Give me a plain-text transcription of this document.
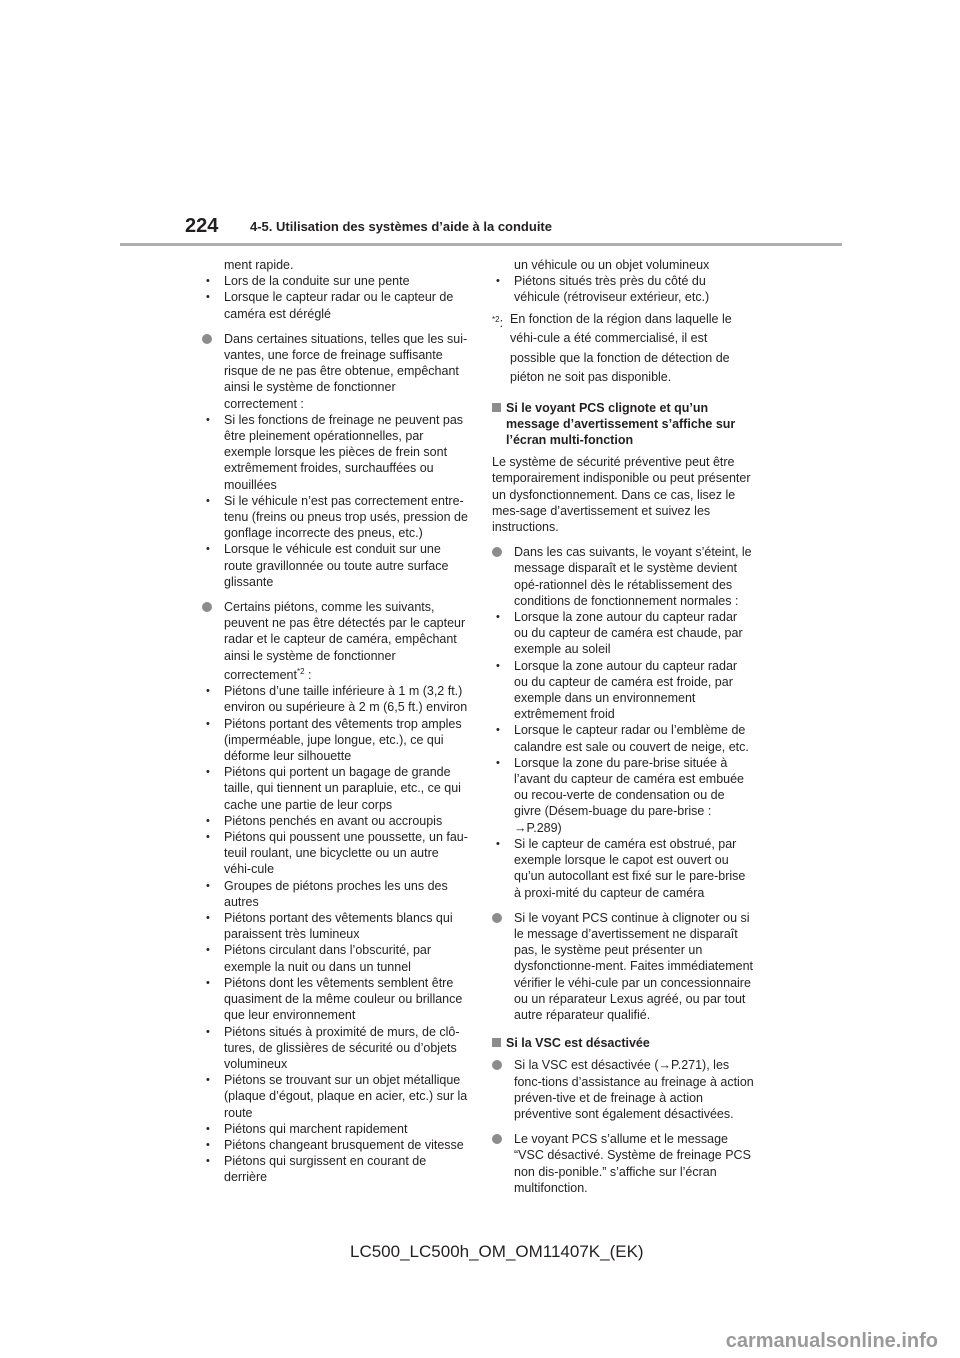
224 4-5. Utilisation des systèmes d’aide à la conduite

ment rapide.

• Lors de la conduite sur une pente

• Lorsque le capteur radar ou le capteur de caméra est déréglé

Dans certaines situations, telles que les sui-vantes, une force de freinage suffisante risque de ne pas être obtenue, empêchant ainsi le système de fonctionner correctement :

• Si les fonctions de freinage ne peuvent pas être pleinement opérationnelles, par exemple lorsque les pièces de frein sont extrêmement froides, surchauffées ou mouillées

• Si le véhicule n’est pas correctement entre-tenu (freins ou pneus trop usés, pression de gonflage incorrecte des pneus, etc.)

• Lorsque le véhicule est conduit sur une route gravillonnée ou toute autre surface glissante

Certains piétons, comme les suivants, peuvent ne pas être détectés par le capteur radar et le capteur de caméra, empêchant ainsi le système de fonctionner correctement$^{*2}$ :

• Piétons d’une taille inférieure à 1 m (3,2 ft.) environ ou supérieure à 2 m (6,5 ft.) environ

• Piétons portant des vêtements trop amples (imperméable, jupe longue, etc.), ce qui déforme leur silhouette

• Piétons qui portent un bagage de grande taille, qui tiennent un parapluie, etc., ce qui cache une partie de leur corps

• Piétons penchés en avant ou accroupis

• Piétons qui poussent une poussette, un fau-teuil roulant, une bicyclette ou un autre véhi-cule

• Groupes de piétons proches les uns des autres

• Piétons portant des vêtements blancs qui paraissent très lumineux

• Piétons circulant dans l’obscurité, par exemple la nuit ou dans un tunnel

• Piétons dont les vêtements semblent être quasiment de la même couleur ou brillance que leur environnement

• Piétons situés à proximité de murs, de clô-tures, de glissières de sécurité ou d’objets volumineux

• Piétons se trouvant sur un objet métallique (plaque d’égout, plaque en acier, etc.) sur la route

• Piétons qui marchent rapidement

• Piétons changeant brusquement de vitesse

• Piétons qui surgissent en courant de derrière

un véhicule ou un objet volumineux

• Piétons situés très près du côté du véhicule (rétroviseur extérieur, etc.)

$^{*2}$: En fonction de la région dans laquelle le véhi-cule a été commercialisé, il est possible que la fonction de détection de piéton ne soit pas disponible.

Si le voyant PCS clignote et qu’un message d’avertissement s’affiche sur l’écran multi-fonction

Le système de sécurité préventive peut être temporairement indisponible ou peut présenter un dysfonctionnement. Dans ce cas, lisez le mes-sage d’avertissement et suivez les instructions.

Dans les cas suivants, le voyant s’éteint, le message disparaît et le système devient opé-rationnel dès le rétablissement des conditions de fonctionnement normales :

• Lorsque la zone autour du capteur radar ou du capteur de caméra est chaude, par exemple au soleil

• Lorsque la zone autour du capteur radar ou du capteur de caméra est froide, par exemple dans un environnement extrêmement froid

• Lorsque le capteur radar ou l’emblème de calandre est sale ou couvert de neige, etc.

• Lorsque la zone du pare-brise située à l’avant du capteur de caméra est embuée ou recou-verte de condensation ou de givre (Désem-buage du pare-brise : →P.289)

• Si le capteur de caméra est obstrué, par exemple lorsque le capot est ouvert ou qu’un autocollant est fixé sur le pare-brise à proxi-mité du capteur de caméra

Si le voyant PCS continue à clignoter ou si le message d’avertissement ne disparaît pas, le système peut présenter un dysfonctionne-ment. Faites immédiatement vérifier le véhi-cule par un concessionnaire ou un réparateur Lexus agréé, ou par tout autre réparateur qualifié.

Si la VSC est désactivée

Si la VSC est désactivée (→P.271), les fonc-tions d’assistance au freinage à action préven-tive et de freinage à action préventive sont également désactivées.

Le voyant PCS s’allume et le message “VSC désactivé. Système de freinage PCS non dis-ponible.” s’affiche sur l’écran multifonction.

LC500_LC500h_OM_OM11407K_(EK)
carmanualsonline.info
